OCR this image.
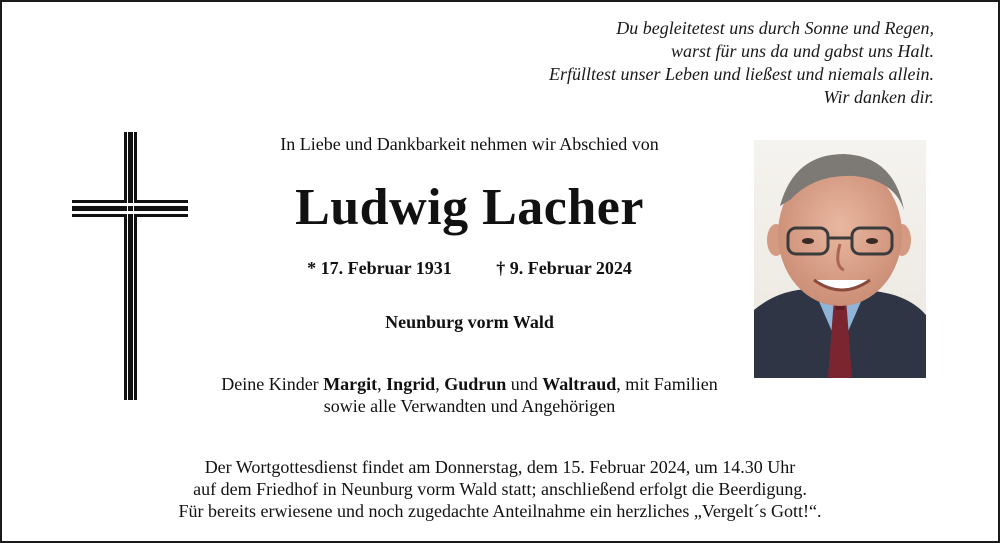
Du begleitetest uns durch Sonne und Regen,
warst für uns da und gabst uns Halt.
Erfülltest unser Leben und ließest und niemals allein.
Wir danken dir.
In Liebe und Dankbarkeit nehmen wir Abschied von
Ludwig Lacher
* 17. Februar 1931 † 9. Februar 2024
Neunburg vorm Wald
Deine Kinder Margit, Ingrid, Gudrun und Waltraud, mit Familien
sowie alle Verwandten und Angehörigen
Der Wortgottesdienst findet am Donnerstag, dem 15. Februar 2024, um 14.30 Uhr
auf dem Friedhof in Neunburg vorm Wald statt; anschließend erfolgt die Beerdigung.
Für bereits erwiesene und noch zugedachte Anteilnahme ein herzliches „Vergelt´s Gott!“.
